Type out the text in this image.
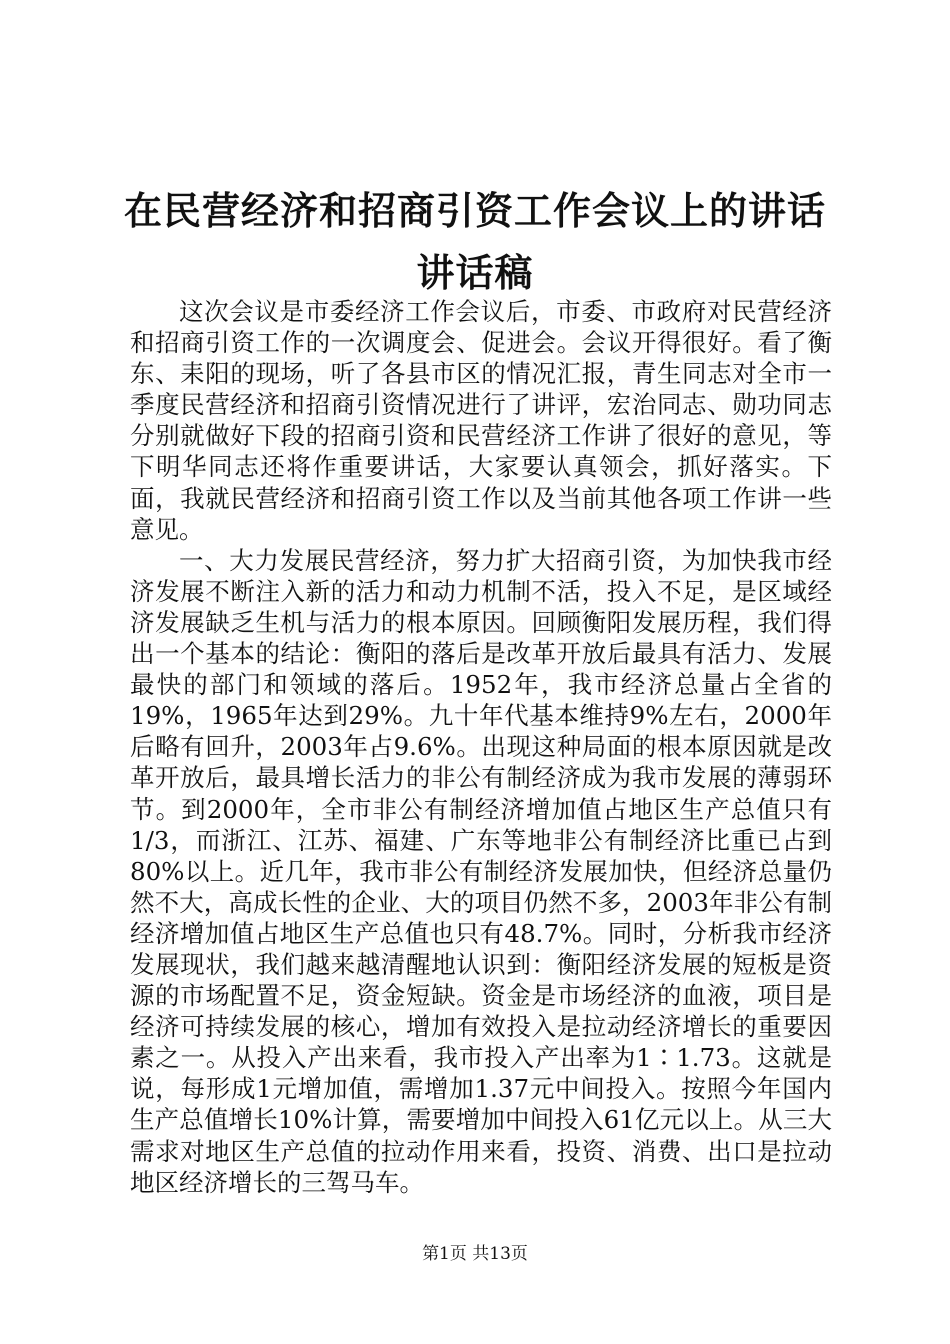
在民营经济和招商引资工作会议上的讲话讲话稿

这次会议是市委经济工作会议后，市委、市政府对民营经济和招商引资工作的一次调度会、促进会。会议开得很好。看了衡东、耒阳的现场，听了各县市区的情况汇报，青生同志对全市一季度民营经济和招商引资情况进行了讲评，宏治同志、勋功同志分别就做好下段的招商引资和民营经济工作讲了很好的意见，等下明华同志还将作重要讲话，大家要认真领会，抓好落实。下面，我就民营经济和招商引资工作以及当前其他各项工作讲一些意见。

一、大力发展民营经济，努力扩大招商引资，为加快我市经济发展不断注入新的活力和动力机制不活，投入不足，是区域经济发展缺乏生机与活力的根本原因。回顾衡阳发展历程，我们得出一个基本的结论：衡阳的落后是改革开放后最具有活力、发展最快的部门和领域的落后。1952年，我市经济总量占全省的19%，1965年达到29%。九十年代基本维持9%左右，2000年后略有回升，2003年占9.6%。出现这种局面的根本原因就是改革开放后，最具增长活力的非公有制经济成为我市发展的薄弱环节。到2000年，全市非公有制经济增加值占地区生产总值只有1/3，而浙江、江苏、福建、广东等地非公有制经济比重已占到80%以上。近几年，我市非公有制经济发展加快，但经济总量仍然不大，高成长性的企业、大的项目仍然不多，2003年非公有制经济增加值占地区生产总值也只有48.7%。同时，分析我市经济发展现状，我们越来越清醒地认识到：衡阳经济发展的短板是资源的市场配置不足，资金短缺。资金是市场经济的血液，项目是经济可持续发展的核心，增加有效投入是拉动经济增长的重要因素之一。从投入产出来看，我市投入产出率为1∶1.73。这就是说，每形成1元增加值，需增加1.37元中间投入。按照今年国内生产总值增长10%计算，需要增加中间投入61亿元以上。从三大需求对地区生产总值的拉动作用来看，投资、消费、出口是拉动地区经济增长的三驾马车。

第1页 共13页
